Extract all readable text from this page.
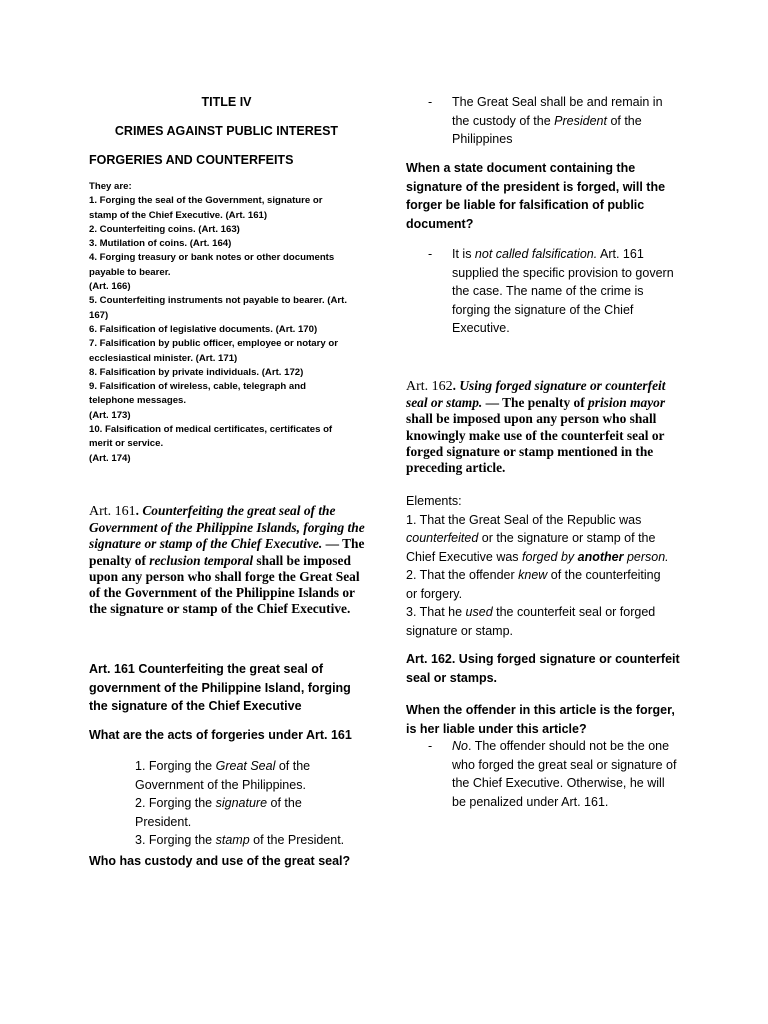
TITLE IV

CRIMES AGAINST PUBLIC INTEREST

FORGERIES AND COUNTERFEITS

They are:

1. Forging the seal of the Government, signature or stamp of the Chief Executive. (Art. 161)

2. Counterfeiting coins. (Art. 163)

3. Mutilation of coins. (Art. 164)

4. Forging treasury or bank notes or other documents payable to bearer.

(Art. 166)

5. Counterfeiting instruments not payable to bearer. (Art. 167)

6. Falsification of legislative documents. (Art. 170)

7. Falsification by public officer, employee or notary or ecclesiastical minister. (Art. 171)

8. Falsification by private individuals. (Art. 172)

9. Falsification of wireless, cable, telegraph and telephone messages.

(Art. 173)

10. Falsification of medical certificates, certificates of merit or service.

(Art. 174)

Art. 161. Counterfeiting the great seal of the Government of the Philippine Islands, forging the signature or stamp of the Chief Executive. — The penalty of reclusion temporal shall be imposed upon any person who shall forge the Great Seal of the Government of the Philippine Islands or the signature or stamp of the Chief Executive.

Art. 161 Counterfeiting the great seal of government of the Philippine Island, forging the signature of the Chief Executive

What are the acts of forgeries under Art. 161

1. Forging the Great Seal of the Government of the Philippines.

2. Forging the signature of the President.

3. Forging the stamp of the President.

Who has custody and use of the great seal?

- The Great Seal shall be and remain in the custody of the President of the Philippines

When a state document containing the signature of the president is forged, will the forger be liable for falsification of public document?

- It is not called falsification. Art. 161 supplied the specific provision to govern the case. The name of the crime is forging the signature of the Chief Executive.

Art. 162. Using forged signature or counterfeit seal or stamp. — The penalty of prision mayor shall be imposed upon any person who shall knowingly make use of the counterfeit seal or forged signature or stamp mentioned in the preceding article.

Elements:

1. That the Great Seal of the Republic was counterfeited or the signature or stamp of the Chief Executive was forged by another person.

2. That the offender knew of the counterfeiting or forgery.

3. That he used the counterfeit seal or forged signature or stamp.

Art. 162. Using forged signature or counterfeit seal or stamps.

When the offender in this article is the forger, is her liable under this article?

- No. The offender should not be the one who forged the great seal or signature of the Chief Executive. Otherwise, he will be penalized under Art. 161.
